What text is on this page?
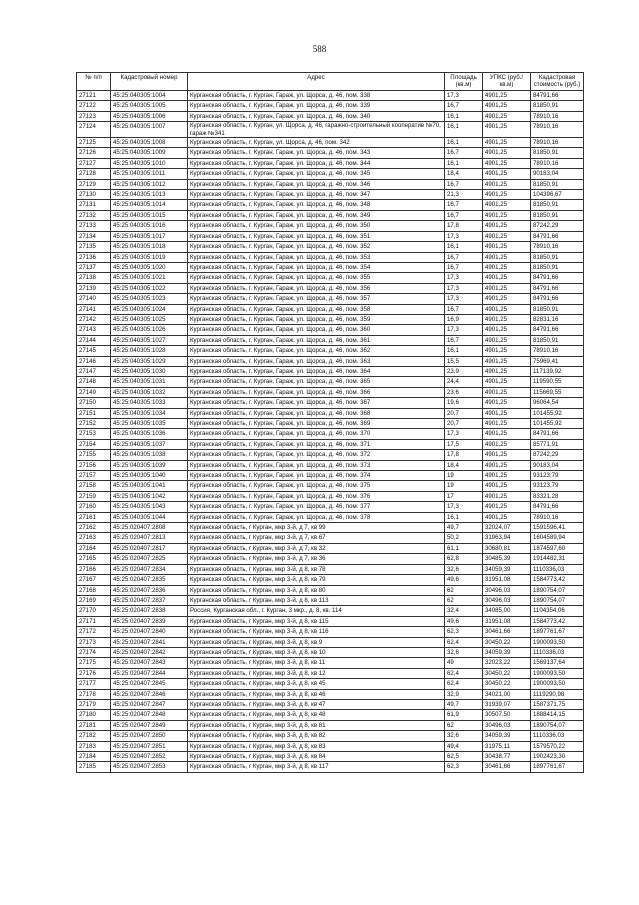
588
№ п/п	Кадастровый номер	Адрес	Площадь (кв.м)	УПКС (руб./кв.м)	Кадастровая стоимость (руб.)
27121	45:25:040305:1004	Курганская область, г. Курган, Гараж, ул. Щорса, д. 46, пом. 338	17,3	4901,25	84791,66
27122	45:25:040305:1005	Курганская область, г. Курган, Гараж, ул. Щорса, д. 46, пом. 339	16,7	4901,25	81850,91
27123	45:25:040305:1006	Курганская область, г. Курган, Гараж, ул. Щорса, д. 46, пом. 340	16,1	4901,25	78910,16
27124	45:25:040305:1007	Курганская область, г. Курган, ул. Щорса, д. 46, гаражно-строительный кооператив №70, гараж №341	16,1	4901,25	78910,16
27125	45:25:040305:1008	Курганская область, г. Курган, ул. Щорса, д. 46, пом. 342	16,1	4901,25	78910,16
27126	45:25:040305:1009	Курганская область, г. Курган, Гараж, ул. Щорса, д. 46, пом. 343	16,7	4901,25	81850,91
27127	45:25:040305:1010	Курганская область, г. Курган, Гараж, ул. Щорса, д. 46, пом. 344	16,1	4901,25	78910,16
27128	45:25:040305:1011	Курганская область, г. Курган, Гараж, ул. Щорса, д. 46, пом. 345	18,4	4901,25	90183,04
27129	45:25:040305:1012	Курганская область, г. Курган, Гараж, ул. Щорса, д. 46, пом. 346	16,7	4901,25	81850,91
27130	45:25:040305:1013	Курганская область, г. Курган, Гараж, ул. Щорса, д. 46, пом. 347	21,3	4901,25	104396,67
27131	45:25:040305:1014	Курганская область, г. Курган, Гараж, ул. Щорса, д. 46, пом. 348	16,7	4901,25	81850,91
27132	45:25:040305:1015	Курганская область, г. Курган, Гараж, ул. Щорса, д. 46, пом. 349	16,7	4901,25	81850,91
27133	45:25:040305:1016	Курганская область, г. Курган, Гараж, ул. Щорса, д. 46, пом. 350	17,8	4901,25	87242,29
27134	45:25:040305:1017	Курганская область, г. Курган, Гараж, ул. Щорса, д. 46, пом. 351	17,3	4901,25	84791,66
27135	45:25:040305:1018	Курганская область, г. Курган, Гараж, ул. Щорса, д. 46, пом. 352	16,1	4901,25	78910,16
27136	45:25:040305:1019	Курганская область, г. Курган, Гараж, ул. Щорса, д. 46, пом. 353	16,7	4901,25	81850,91
27137	45:25:040305:1020	Курганская область, г. Курган, Гараж, ул. Щорса, д. 46, пом. 354	16,7	4901,25	81850,91
27138	45:25:040305:1021	Курганская область, г. Курган, Гараж, ул. Щорса, д. 46, пом. 355	17,3	4901,25	84791,66
27139	45:25:040305:1022	Курганская область, г. Курган, Гараж, ул. Щорса, д. 46, пом. 356	17,3	4901,25	84791,66
27140	45:25:040305:1023	Курганская область, г. Курган, Гараж, ул. Щорса, д. 46, пом. 357	17,3	4901,25	84791,66
27141	45:25:040305:1024	Курганская область, г. Курган, Гараж, ул. Щорса, д. 46, пом. 358	16,7	4901,25	81850,91
27142	45:25:040305:1025	Курганская область, г. Курган, Гараж, ул. Щорса, д. 46, пом. 359	16,9	4901,25	82831,16
27143	45:25:040305:1026	Курганская область, г. Курган, Гараж, ул. Щорса, д. 46, пом. 360	17,3	4901,25	84791,66
27144	45:25:040305:1027	Курганская область, г. Курган, Гараж, ул. Щорса, д. 46, пом. 361	16,7	4901,25	81850,91
27145	45:25:040305:1028	Курганская область, г. Курган, Гараж, ул. Щорса, д. 46, пом. 362	16,1	4901,25	78910,16
27146	45:25:040305:1029	Курганская область, г. Курган, Гараж, ул. Щорса, д. 46, пом. 363	15,5	4901,25	75969,41
27147	45:25:040305:1030	Курганская область, г. Курган, Гараж, ул. Щорса, д. 46, пом. 364	23,9	4901,25	117139,92
27148	45:25:040305:1031	Курганская область, г. Курган, Гараж, ул. Щорса, д. 46, пом. 365	24,4	4901,25	119590,55
27149	45:25:040305:1032	Курганская область, г. Курган, Гараж, ул. Щорса, д. 46, пом. 366	23,6	4901,25	115669,55
27150	45:25:040305:1033	Курганская область, г. Курган, Гараж, ул. Щорса, д. 46, пом. 367	19,6	4901,25	96064,54
27151	45:25:040305:1034	Курганская область, г. Курган, Гараж, ул. Щорса, д. 46, пом. 368	20,7	4901,25	101455,92
27152	45:25:040305:1035	Курганская область, г. Курган, Гараж, ул. Щорса, д. 46, пом. 369	20,7	4901,25	101455,92
27153	45:25:040305:1036	Курганская область, г. Курган, Гараж, ул. Щорса, д. 46, пом. 370	17,3	4901,25	84791,66
27154	45:25:040305:1037	Курганская область, г. Курган, Гараж, ул. Щорса, д. 46, пом. 371	17,5	4901,25	85771,91
27155	45:25:040305:1038	Курганская область, г. Курган, Гараж, ул. Щорса, д. 46, пом. 372	17,8	4901,25	87242,29
27156	45:25:040305:1039	Курганская область, г. Курган, Гараж, ул. Щорса, д. 46, пом. 373	18,4	4901,25	90183,04
27157	45:25:040305:1040	Курганская область, г. Курган, Гараж, ул. Щорса, д. 46, пом. 374	19	4901,25	93123,79
27158	45:25:040305:1041	Курганская область, г. Курган, Гараж, ул. Щорса, д. 46, пом. 375	19	4901,25	93123,79
27159	45:25:040305:1042	Курганская область, г. Курган, Гараж, ул. Щорса, д. 46, пом. 376	17	4901,25	83321,28
27160	45:25:040305:1043	Курганская область, г. Курган, Гараж, ул. Щорса, д. 46, пом. 377	17,3	4901,25	84791,66
27161	45:25:040305:1044	Курганская область, г. Курган, Гараж, ул. Щорса, д. 46, пом. 378	16,1	4901,25	78910,16
27162	45:25:020407:2808	Курганская область, г Курган, мкр 3-й, д 7, кв 99	49,7	32024,07	1591596,41
27163	45:25:020407:2813	Курганская область, г Курган, мкр 3-й, д 7, кв 67	50,2	31963,94	1604589,94
27164	45:25:020407:2817	Курганская область, г Курган, мкр 3-й, д 7, кв 32	61,1	30680,81	1874597,60
27165	45:25:020407:2825	Курганская область, г Курган, мкр 3-й, д 7, кв 36	62,8	30485,39	1914482,31
27166	45:25:020407:2834	Курганская область, г Курган, мкр 3-й, д 8, кв 78	32,6	34059,39	1110336,03
27167	45:25:020407:2835	Курганская область, г Курган, мкр 3-й, д 8, кв 79	49,6	31951,08	1584773,42
27168	45:25:020407:2836	Курганская область, г Курган, мкр 3-й, д 8, кв 80	62	30496,03	1890754,07
27169	45:25:020407:2837	Курганская область, г Курган, мкр 3-й, д 8, кв 113	62	30496,03	1890754,07
27170	45:25:020407:2838	Россия, Курганская обл., г. Курган, 3 мкр., д. 8, кв. 114	32,4	34085,00	1104354,06
27171	45:25:020407:2839	Курганская область, г Курган, мкр 3-й, д 8, кв 115	49,6	31951,08	1584773,42
27172	45:25:020407:2840	Курганская область, г Курган, мкр 3-й, д 8, кв 116	62,3	30461,66	1897761,67
27173	45:25:020407:2841	Курганская область, г Курган, мкр 3-й, д 8, кв 9	62,4	30450,22	1900093,50
27174	45:25:020407:2842	Курганская область, г Курган, мкр 3-й, д 8, кв 10	32,6	34059,39	1110336,03
27175	45:25:020407:2843	Курганская область, г Курган, мкр 3-й, д 8, кв 11	49	32023,22	1569137,64
27176	45:25:020407:2844	Курганская область, г Курган, мкр 3-й, д 8, кв 12	62,4	30450,22	1900093,50
27177	45:25:020407:2845	Курганская область, г Курган, мкр 3-й, д 8, кв 45	62,4	30450,22	1900093,50
27178	45:25:020407:2846	Курганская область, г Курган, мкр 3-й, д 8, кв 46	32,9	34021,00	1119290,98
27179	45:25:020407:2847	Курганская область, г Курган, мкр 3-й, д 8, кв 47	49,7	31939,07	1587371,75
27180	45:25:020407:2848	Курганская область, г Курган, мкр 3-й, д 8, кв 48	61,9	30507,50	1888414,15
27181	45:25:020407:2849	Курганская область, г Курган, мкр 3-й, д 8, кв 81	62	30496,03	1890754,07
27182	45:25:020407:2850	Курганская область, г Курган, мкр 3-й, д 8, кв 82	32,6	34059,39	1110336,03
27183	45:25:020407:2851	Курганская область, г Курган, мкр 3-й, д 8, кв 83	49,4	31975,11	1579570,22
27184	45:25:020407:2852	Курганская область, г Курган, мкр 3-й, д 8, кв 84	62,5	30438,77	1902423,30
27185	45:25:020407:2853	Курганская область, г Курган, мкр 3-й, д 8, кв 117	62,3	30461,66	1897761,67
